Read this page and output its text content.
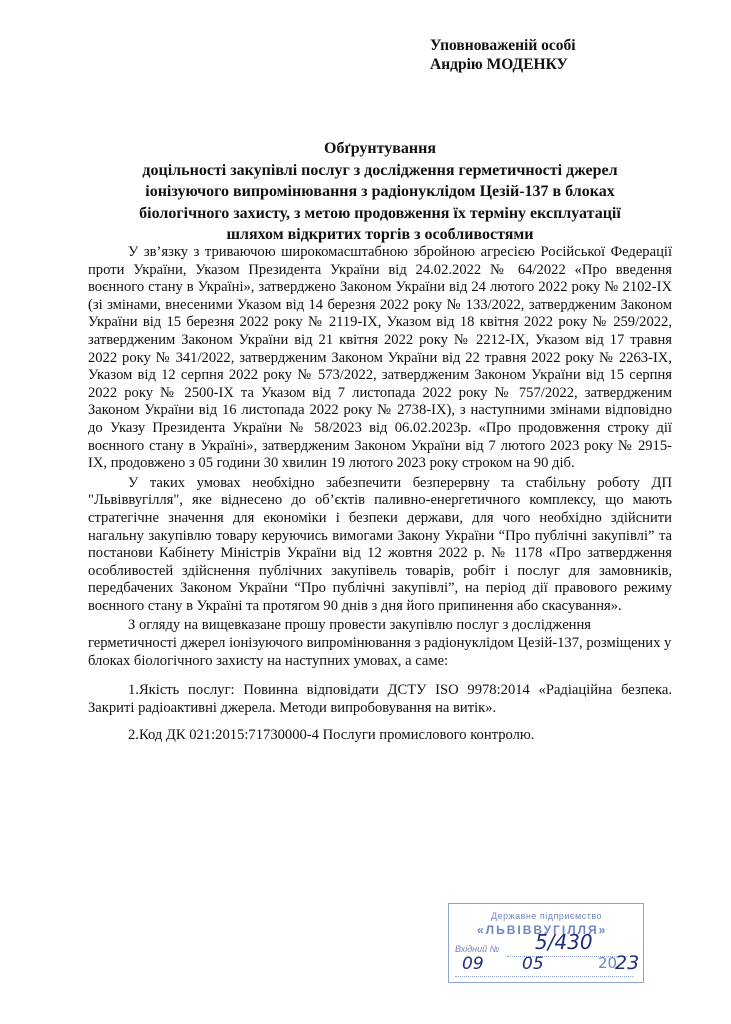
Уповноваженій особі
Андрію МОДЕНКУ
Обґрунтування
доцільності закупівлі послуг з дослідження герметичності джерел
іонізуючого випромінювання з радіонуклідом Цезій-137 в блоках
біологічного захисту, з метою продовження їх терміну експлуатації
шляхом відкритих торгів з особливостями

У зв’язку з триваючою широкомасштабною збройною агресією Російської Федерації проти України, Указом Президента України від 24.02.2022 № 64/2022 «Про введення воєнного стану в Україні», затверджено Законом України від 24 лютого 2022 року № 2102-IX (зі змінами, внесеними Указом від 14 березня 2022 року № 133/2022, затвердженим Законом України від 15 березня 2022 року № 2119-IX, Указом від 18 квітня 2022 року № 259/2022, затвердженим Законом України від 21 квітня 2022 року № 2212-IX, Указом від 17 травня 2022 року № 341/2022, затвердженим Законом України від 22 травня 2022 року № 2263-IX, Указом від 12 серпня 2022 року № 573/2022, затвердженим Законом України від 15 серпня 2022 року № 2500-IX та Указом від 7 листопада 2022 року № 757/2022, затвердженим Законом України від 16 листопада 2022 року № 2738-IX), з наступними змінами відповідно до Указу Президента України № 58/2023 від 06.02.2023р. «Про продовження строку дії воєнного стану в Україні», затвердженим Законом України від 7 лютого 2023 року № 2915-IX, продовжено з 05 години 30 хвилин 19 лютого 2023 року строком на 90 діб.

У таких умовах необхідно забезпечити безперервну та стабільну роботу ДП "Львіввугілля", яке віднесено до об’єктів паливно-енергетичного комплексу, що мають стратегічне значення для економіки і безпеки держави, для чого необхідно здійснити нагальну закупівлю товару керуючись вимогами Закону України “Про публічні закупівлі” та постанови Кабінету Міністрів України від 12 жовтня 2022 р. № 1178 «Про затвердження особливостей здійснення публічних закупівель товарів, робіт і послуг для замовників, передбачених Законом України “Про публічні закупівлі”, на період дії правового режиму воєнного стану в Україні та протягом 90 днів з дня його припинення або скасування».

З огляду на вищевказане прошу провести закупівлю послуг з дослідження герметичності джерел іонізуючого випромінювання з радіонуклідом Цезій-137, розміщених у блоках біологічного захисту на наступних умовах, а саме:

1.Якість послуг: Повинна відповідати ДСТУ ISO 9978:2014 «Радіаційна безпека. Закриті радіоактивні джерела. Методи випробовування на витік».

2.Код ДК 021:2015:71730000-4 Послуги промислового контролю.

Державне підприємство
«ЛЬВІВВУГІЛЛЯ»
Вхідний № 5/430
09 05	20
23
